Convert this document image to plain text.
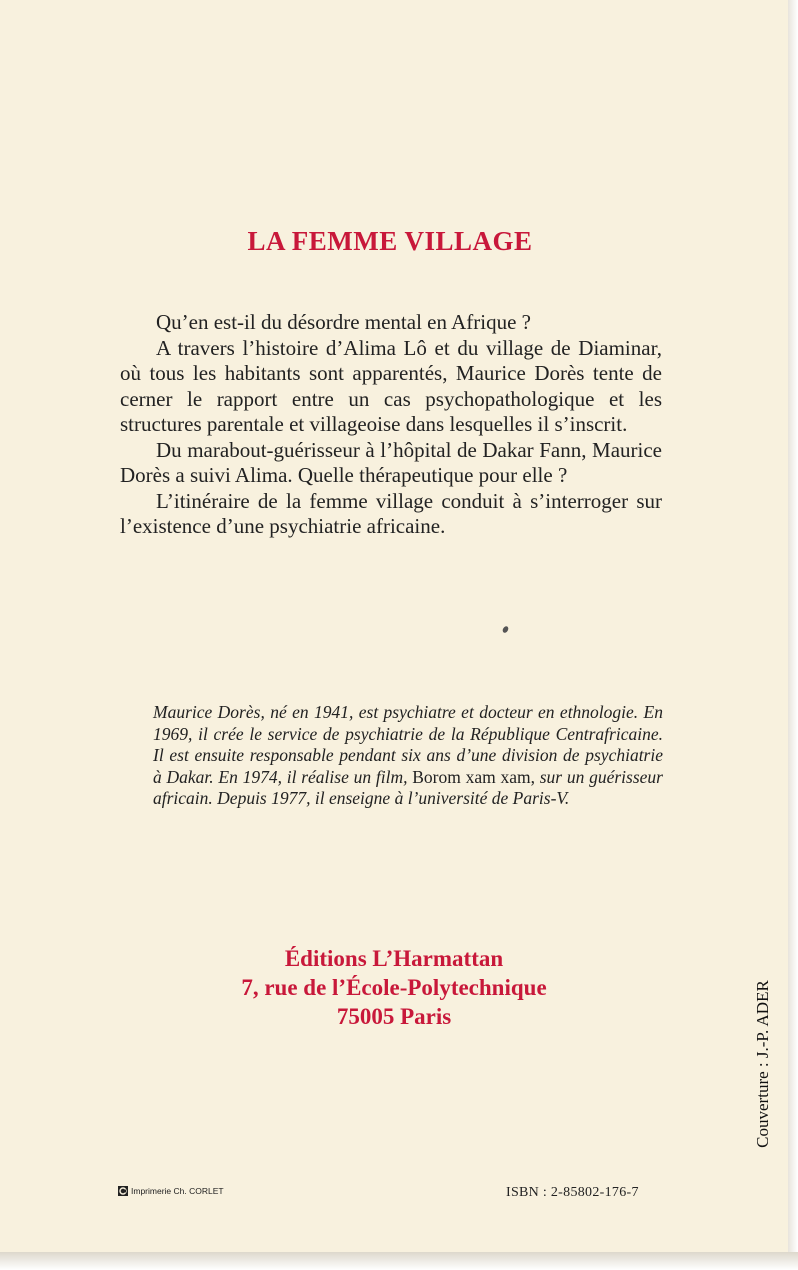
LA FEMME VILLAGE

Qu’en est-il du désordre mental en Afrique ?

A travers l’histoire d’Alima Lô et du village de Diaminar, où tous les habitants sont apparentés, Maurice Dorès tente de cerner le rapport entre un cas psychopathologique et les structures parentale et villageoise dans lesquelles il s’inscrit.

Du marabout-guérisseur à l’hôpital de Dakar Fann, Maurice Dorès a suivi Alima. Quelle thérapeutique pour elle ?

L’itinéraire de la femme village conduit à s’interroger sur l’existence d’une psychiatrie africaine.

Maurice Dorès, né en 1941, est psychiatre et docteur en ethnologie. En 1969, il crée le service de psychiatrie de la République Centrafricaine. Il est ensuite responsable pendant six ans d’une division de psychiatrie à Dakar. En 1974, il réalise un film, Borom xam xam, sur un guérisseur africain. Depuis 1977, il enseigne à l’université de Paris-V.
Éditions L’Harmattan
7, rue de l’École-Polytechnique
75005 Paris	Couverture : J.-P. ADER
Imprimerie Ch. CORLET	ISBN : 2-85802-176-7
